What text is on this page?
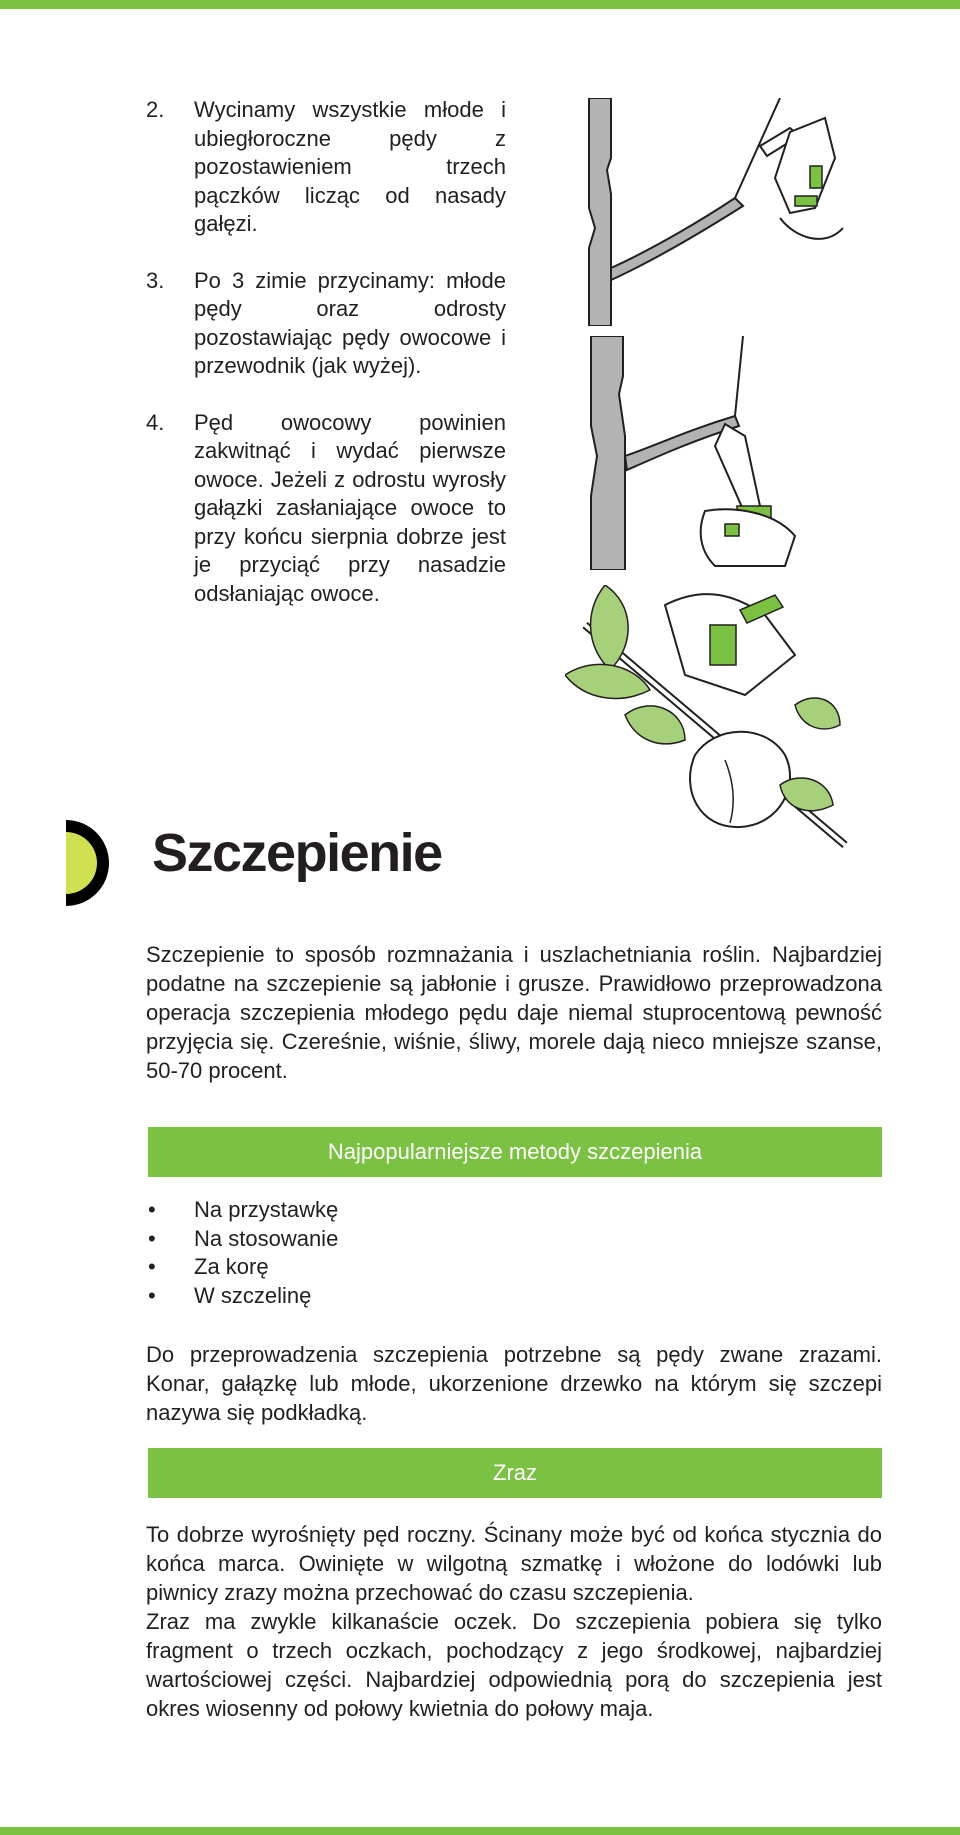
2. Wycinamy wszystkie młode i ubiegłoroczne pędy z pozostawieniem trzech pączków licząc od nasady gałęzi.
3. Po 3 zimie przycinamy: młode pędy oraz odrosty pozostawiając pędy owocowe i przewodnik (jak wyżej).
4. Pęd owocowy powinien zakwitnąć i wydać pierwsze owoce. Jeżeli z odrostu wyrosły gałązki zasłaniające owoce to przy końcu sierpnia dobrze jest je przyciąć przy nasadzie odsłaniając owoce.
Szczepienie

Szczepienie to sposób rozmnażania i uszlachetniania roślin. Najbardziej podatne na szczepienie są jabłonie i grusze. Prawidłowo przeprowadzona operacja szczepienia młodego pędu daje niemal stuprocentową pewność przyjęcia się. Czereśnie, wiśnie, śliwy, morele dają nieco mniejsze szanse, 50-70 procent.

Najpopularniejsze metody szczepienia
• Na przystawkę
• Na stosowanie
• Za korę
• W szczelinę

Do przeprowadzenia szczepienia potrzebne są pędy zwane zrazami. Konar, gałązkę lub młode, ukorzenione drzewko na którym się szczepi nazywa się podkładką.

Zraz

To dobrze wyrośnięty pęd roczny. Ścinany może być od końca stycznia do końca marca. Owinięte w wilgotną szmatkę i włożone do lodówki lub piwnicy zrazy można przechować do czasu szczepienia.

Zraz ma zwykle kilkanaście oczek. Do szczepienia pobiera się tylko fragment o trzech oczkach, pochodzący z jego środkowej, najbardziej wartościowej części. Najbardziej odpowiednią porą do szczepienia jest okres wiosenny od połowy kwietnia do połowy maja.
